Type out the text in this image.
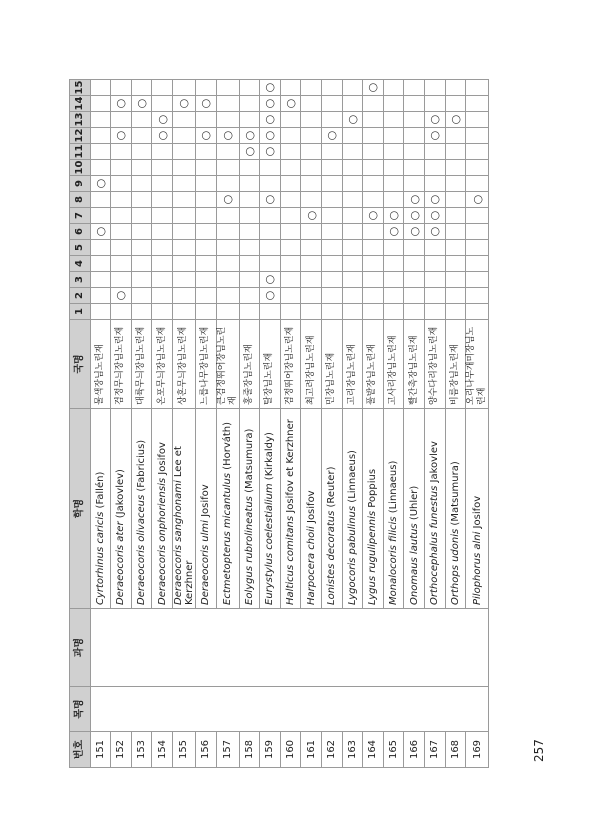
번호	목명	과명	학명	국명	1	2	3	4	5	6	7	8	9	10	11	12	13	14	15
151			Cyrtorhinus caricis (Fallén)	물색장님노린재						○			○						
152			Deraeocoris ater (Jakovlev)	검정무늬장님노린재		○										○		○	
153			Deraeocoris olivaceus (Fabricius)	대륙무늬장님노린재														○	
154			Deraeocoris onphoriensis Josifov	온포무늬장님노린재												○	○		
155			Deraeocoris sanghonami Lee et Kerzhner	상혼무늬장님노린재														○	
156			Deraeocoris ulmi Josifov	느릅나무장님노린재												○		○	
157			Ectmetopterus micantulus (Horváth)	큰검정뛰어장님노린재								○				○			
158			Eolygus rubrolineatus (Matsumura)	홍줄장님노린재											○	○			
159			Eurystylus coelestialium (Kirkaldy)	탈장님노린재		○	○					○			○	○	○	○	○
160			Halticus comitans Josifov et Kerzhner	검정뛰어장님노린재														○	
161			Harpocera choii Josifov	최고려장님노린재							○								
162			Lonistes decoratus (Reuter)	민장님노린재												○			
163			Lygocoris pabulinus (Linnaeus)	고리장님노린재													○		
164			Lygus rugulipennis Poppius	풀밭장님노린재							○								○
165			Monalocoris filicis (Linnaeus)	고사리장님노린재						○	○								
166			Onomaus lautus (Uhler)	빨간촉장님노린재						○	○	○							
167			Orthocephalus funestus Jakovlev	양수다리장님노린재						○	○	○				○	○		
168			Orthops udonis (Matsumura)	비름장님노린재													○		
169			Pilophorus alni Josifov	오리나무개미장님노린재								○							
257
